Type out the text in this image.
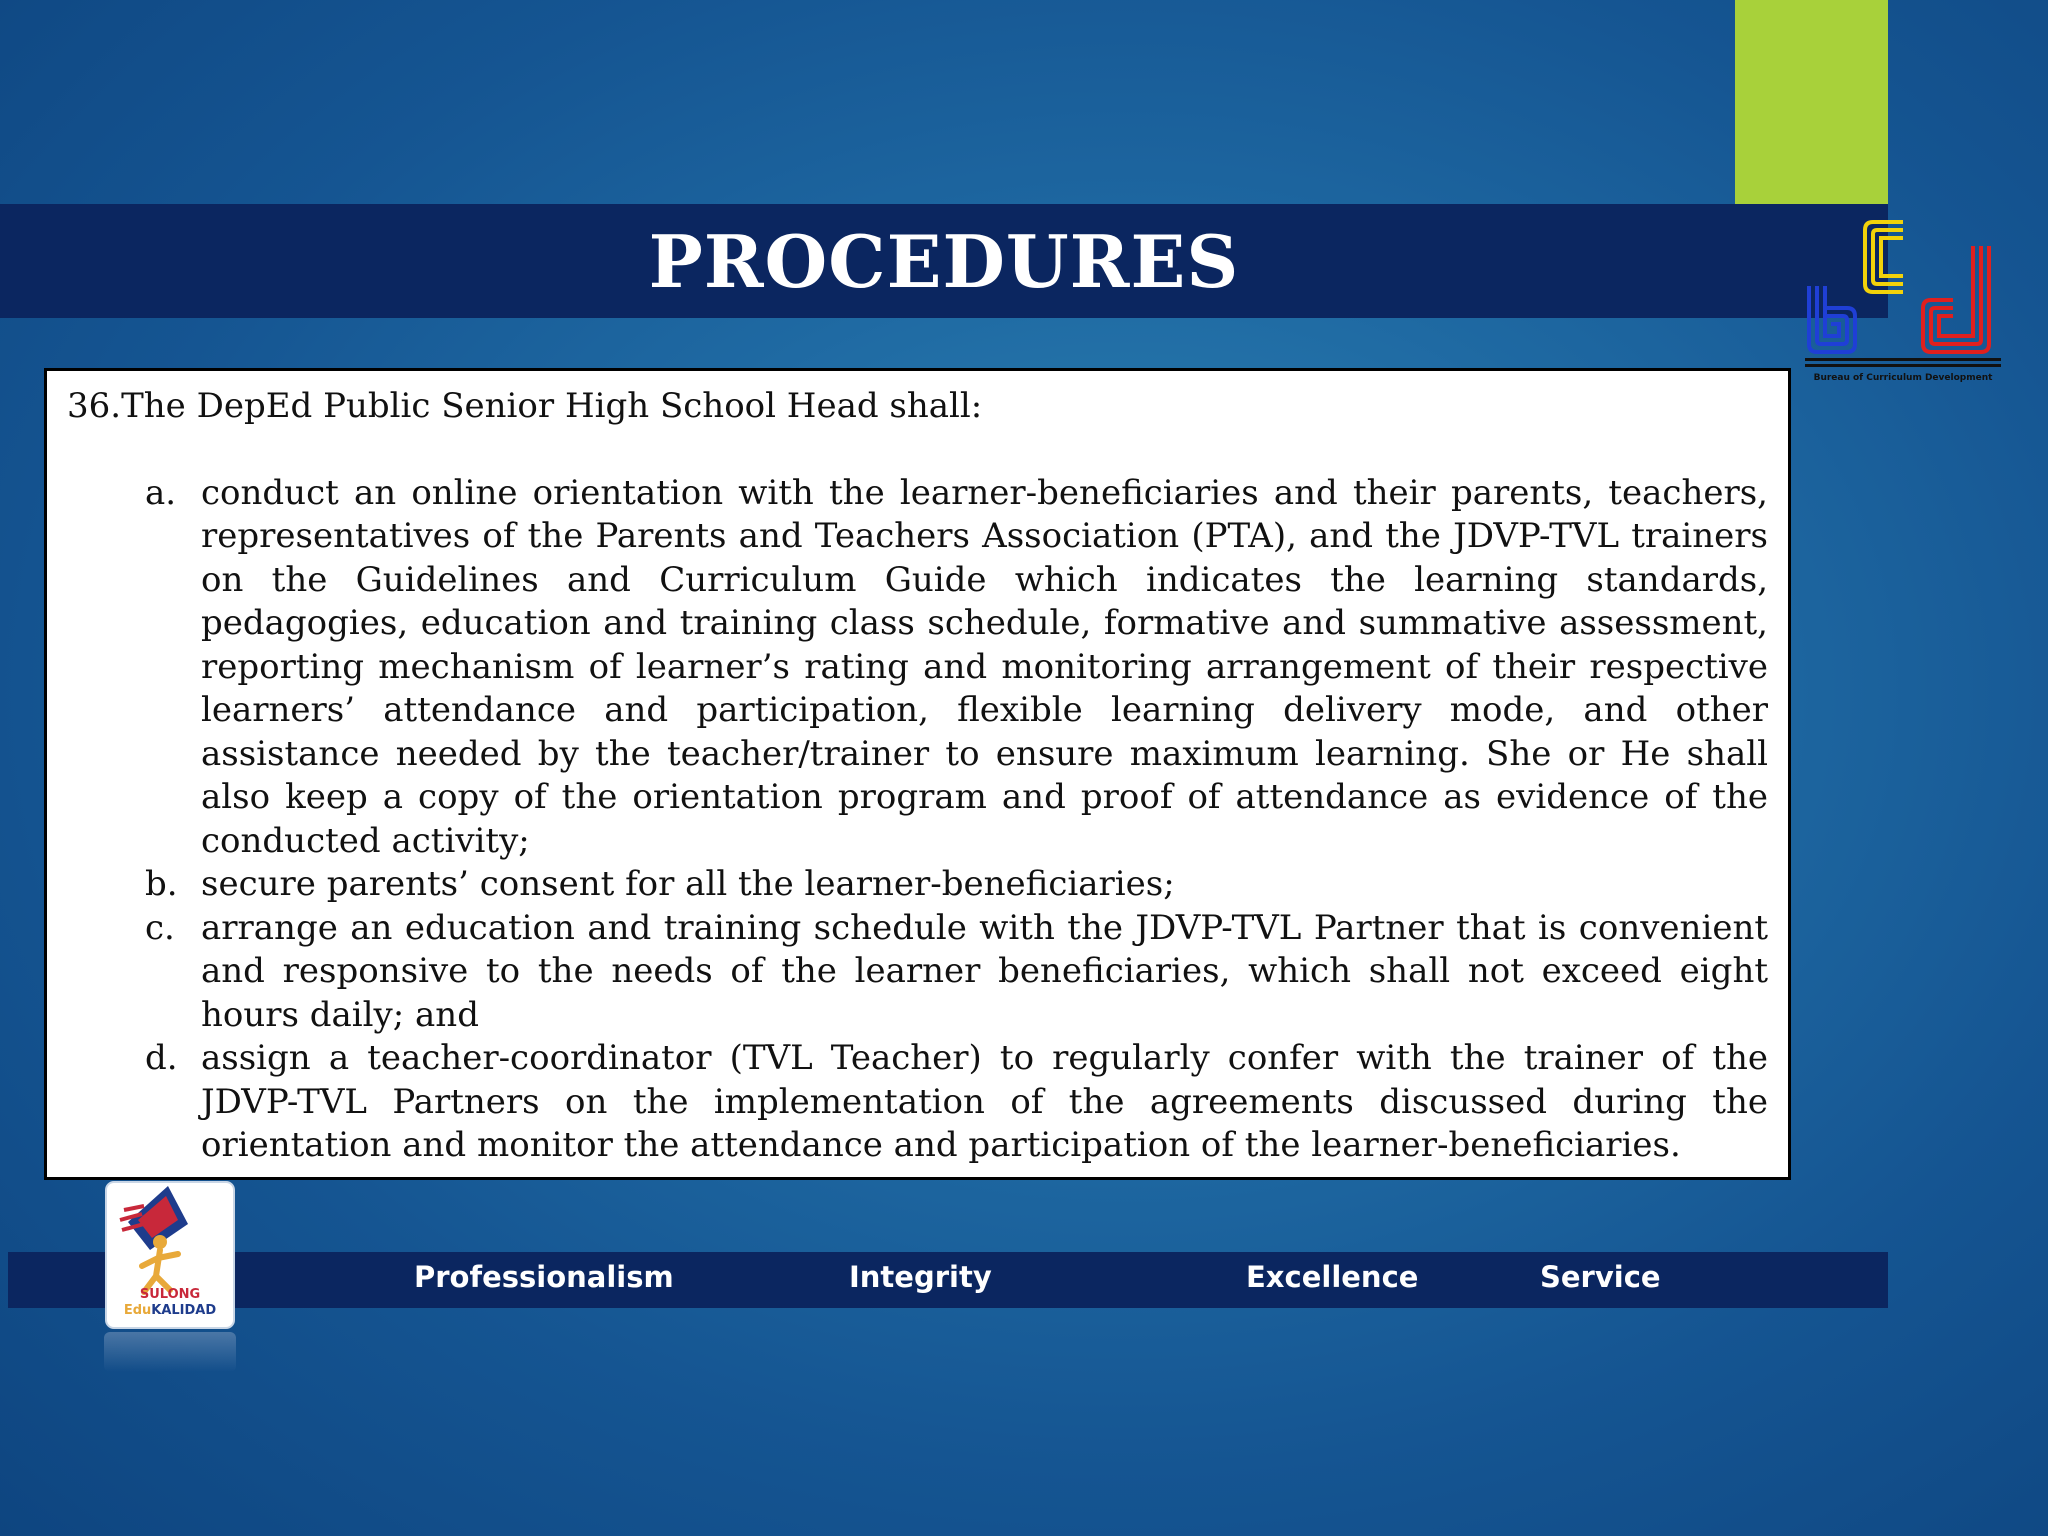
PROCEDURES
Bureau of Curriculum Development

36.The DepEd Public Senior High School Head shall:

a. conduct an online orientation with the learner-beneficiaries and their parents, teachers, representatives of the Parents and Teachers Association (PTA), and the JDVP-TVL trainers on the Guidelines and Curriculum Guide which indicates the learning standards, pedagogies, education and training class schedule, formative and summative assessment, reporting mechanism of learner’s rating and monitoring arrangement of their respective learners’ attendance and participation, flexible learning delivery mode, and other assistance needed by the teacher/trainer to ensure maximum learning. She or He shall also keep a copy of the orientation program and proof of attendance as evidence of the conducted activity;
b. secure parents’ consent for all the learner-beneficiaries;
c. arrange an education and training schedule with the JDVP-TVL Partner that is convenient and responsive to the needs of the learner beneficiaries, which shall not exceed eight hours daily; and
d. assign a teacher-coordinator (TVL Teacher) to regularly confer with the trainer of the JDVP-TVL Partners on the implementation of the agreements discussed during the orientation and monitor the attendance and participation of the learner-beneficiaries.
Professionalism	Integrity	Excellence	Service
SULONG
EduKALIDAD
